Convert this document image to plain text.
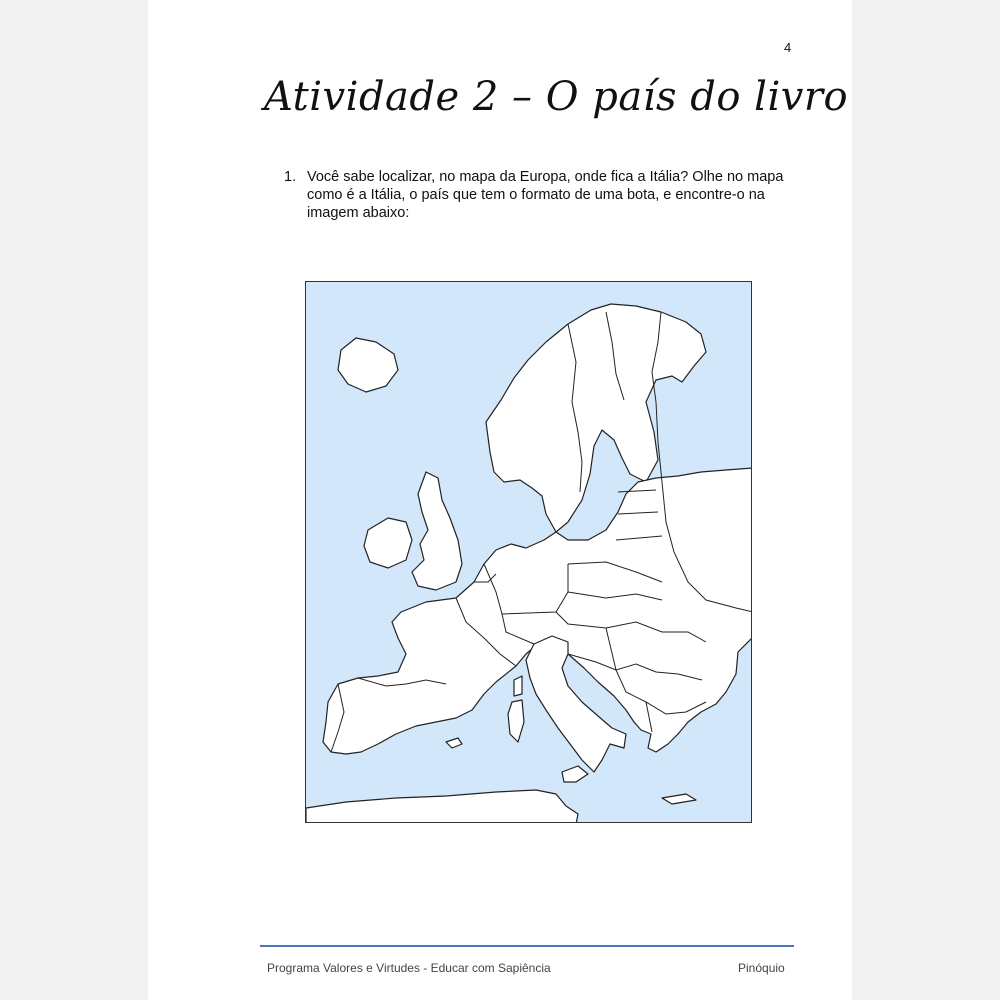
4
Atividade 2 – O país do livro
1. Você sabe localizar, no mapa da Europa, onde fica a Itália? Olhe no mapa como é a Itália, o país que tem o formato de uma bota, e encontre-o na imagem abaixo:
Programa Valores e Virtudes - Educar com Sapiência	Pinóquio
